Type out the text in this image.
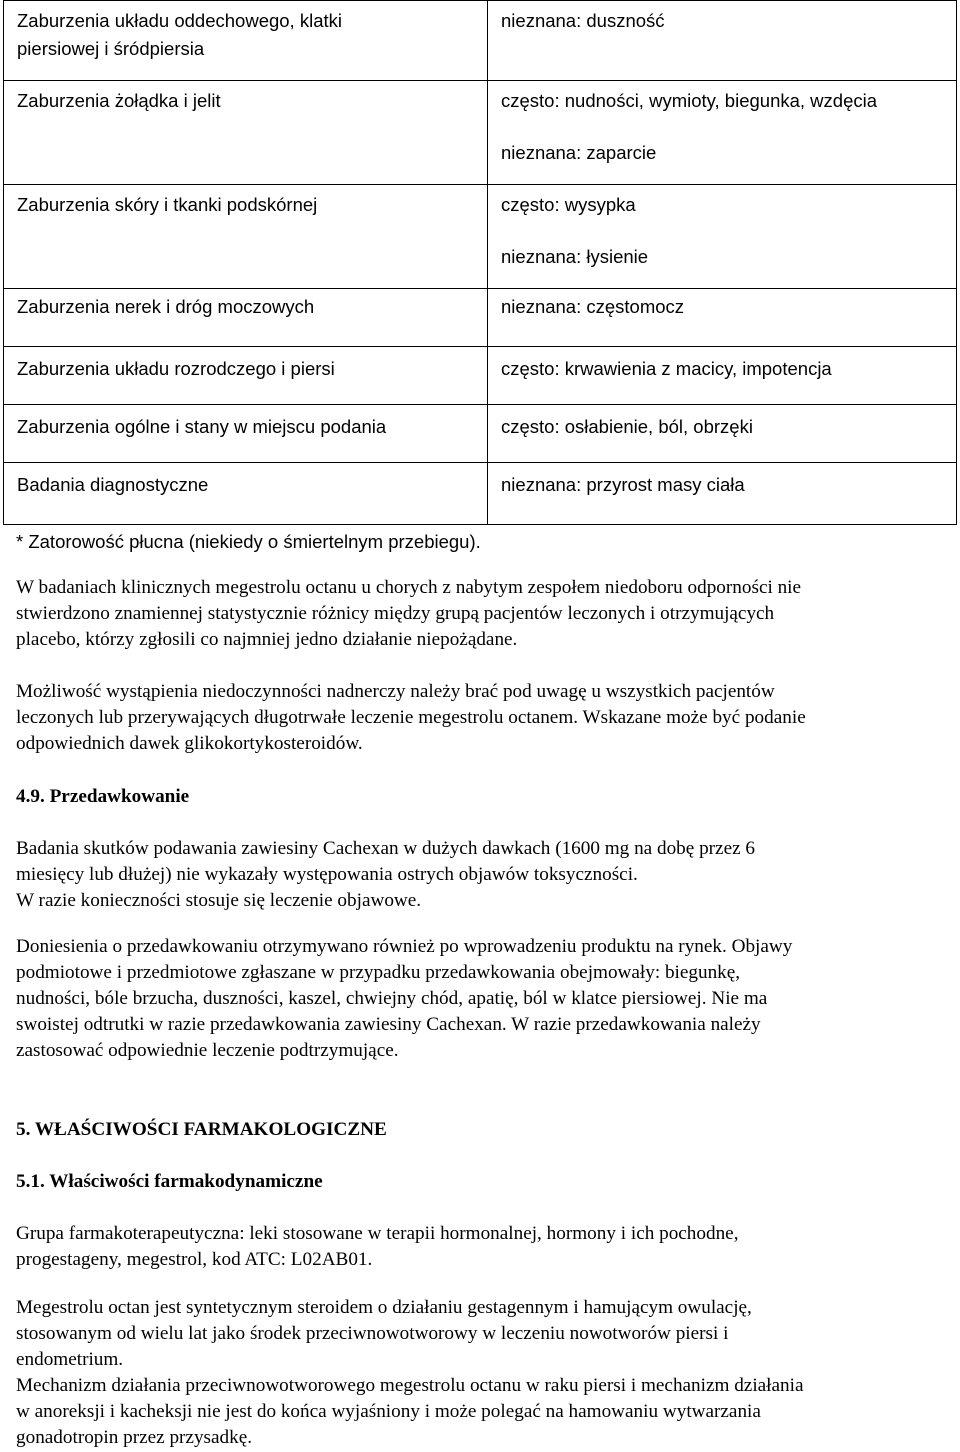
Zaburzenia układu oddechowego, klatki
piersiowej i śródpiersia	nieznana: duszność

Zaburzenia żołądka i jelit	często: nudności, wymioty, biegunka, wzdęcia
nieznana: zaparcie

Zaburzenia skóry i tkanki podskórnej	często: wysypka
nieznana: łysienie

Zaburzenia nerek i dróg moczowych	nieznana: częstomocz

Zaburzenia układu rozrodczego i piersi	często: krwawienia z macicy, impotencja

Zaburzenia ogólne i stany w miejscu podania	często: osłabienie, ból, obrzęki

Badania diagnostyczne	nieznana: przyrost masy ciała
* Zatorowość płucna (niekiedy o śmiertelnym przebiegu).
W badaniach klinicznych megestrolu octanu u chorych z nabytym zespołem niedoboru odporności nie
stwierdzono znamiennej statystycznie różnicy między grupą pacjentów leczonych i otrzymujących
placebo, którzy zgłosili co najmniej jedno działanie niepożądane.
Możliwość wystąpienia niedoczynności nadnerczy należy brać pod uwagę u wszystkich pacjentów
leczonych lub przerywających długotrwałe leczenie megestrolu octanem. Wskazane może być podanie
odpowiednich dawek glikokortykosteroidów.
4.9. Przedawkowanie
Badania skutków podawania zawiesiny Cachexan w dużych dawkach (1600 mg na dobę przez 6
miesięcy lub dłużej) nie wykazały występowania ostrych objawów toksyczności.
W razie konieczności stosuje się leczenie objawowe.
Doniesienia o przedawkowaniu otrzymywano również po wprowadzeniu produktu na rynek. Objawy
podmiotowe i przedmiotowe zgłaszane w przypadku przedawkowania obejmowały: biegunkę,
nudności, bóle brzucha, duszności, kaszel, chwiejny chód, apatię, ból w klatce piersiowej. Nie ma
swoistej odtrutki w razie przedawkowania zawiesiny Cachexan. W razie przedawkowania należy
zastosować odpowiednie leczenie podtrzymujące.
5. WŁAŚCIWOŚCI FARMAKOLOGICZNE
5.1. Właściwości farmakodynamiczne
Grupa farmakoterapeutyczna: leki stosowane w terapii hormonalnej, hormony i ich pochodne,
progestageny, megestrol, kod ATC: L02AB01.
Megestrolu octan jest syntetycznym steroidem o działaniu gestagennym i hamującym owulację,
stosowanym od wielu lat jako środek przeciwnowotworowy w leczeniu nowotworów piersi i
endometrium.
Mechanizm działania przeciwnowotworowego megestrolu octanu w raku piersi i mechanizm działania
w anoreksji i kacheksji nie jest do końca wyjaśniony i może polegać na hamowaniu wytwarzania
gonadotropin przez przysadkę.
